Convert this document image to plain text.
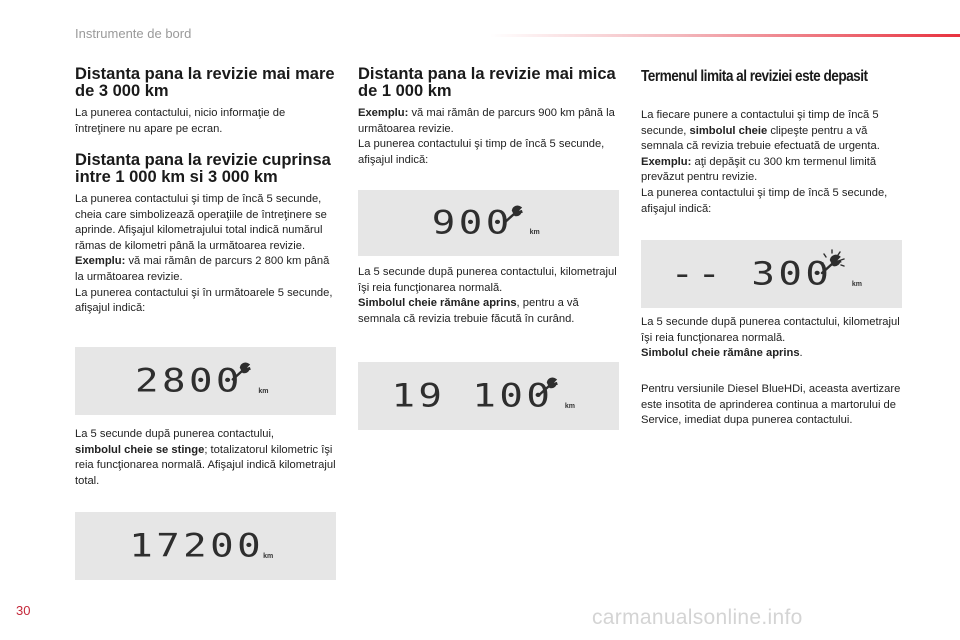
Instrumente de bord
Distanta pana la revizie mai mare de 3 000 km
La punerea contactului, nicio informaţie de întreţinere nu apare pe ecran.
Distanta pana la revizie cuprinsa intre 1 000 km si 3 000 km
La punerea contactului şi timp de încă 5 secunde, cheia care simbolizează operaţiile de întreţinere se aprinde. Afişajul kilometrajului total indică numărul rămas de kilometri până la următoarea revizie.
Exemplu: vă mai rămân de parcurs 2 800 km până la următoarea revizie.
La punerea contactului şi în următoarele 5 secunde, afişajul indică:
2800 km
La 5 secunde după punerea contactului,
simbolul cheie se stinge; totalizatorul kilometric îşi reia funcţionarea normală. Afişajul indică kilometrajul total.
17200 km
Distanta pana la revizie mai mica de 1 000 km
Exemplu: vă mai rămân de parcurs 900 km până la următoarea revizie.
La punerea contactului şi timp de încă 5 secunde, afişajul indică:
900 km
La 5 secunde după punerea contactului, kilometrajul îşi reia funcţionarea normală.
Simbolul cheie rămâne aprins, pentru a vă semnala că revizia trebuie făcută în curând.
19 100 km
Termenul limita al reviziei este depasit
La fiecare punere a contactului şi timp de încă 5 secunde, simbolul cheie clipeşte pentru a vă semnala că revizia trebuie efectuată de urgenta.
Exemplu: aţi depăşit cu 300 km termenul limită prevăzut pentru revizie.
La punerea contactului şi timp de încă 5 secunde, afişajul indică:
-- 300	km
La 5 secunde după punerea contactului, kilometrajul îşi reia funcţionarea normală.
Simbolul cheie rămâne aprins.
Pentru versiunile Diesel BlueHDi, aceasta avertizare este insotita de aprinderea continua a martorului de Service, imediat dupa punerea contactului.
30	carmanualsonline.info
